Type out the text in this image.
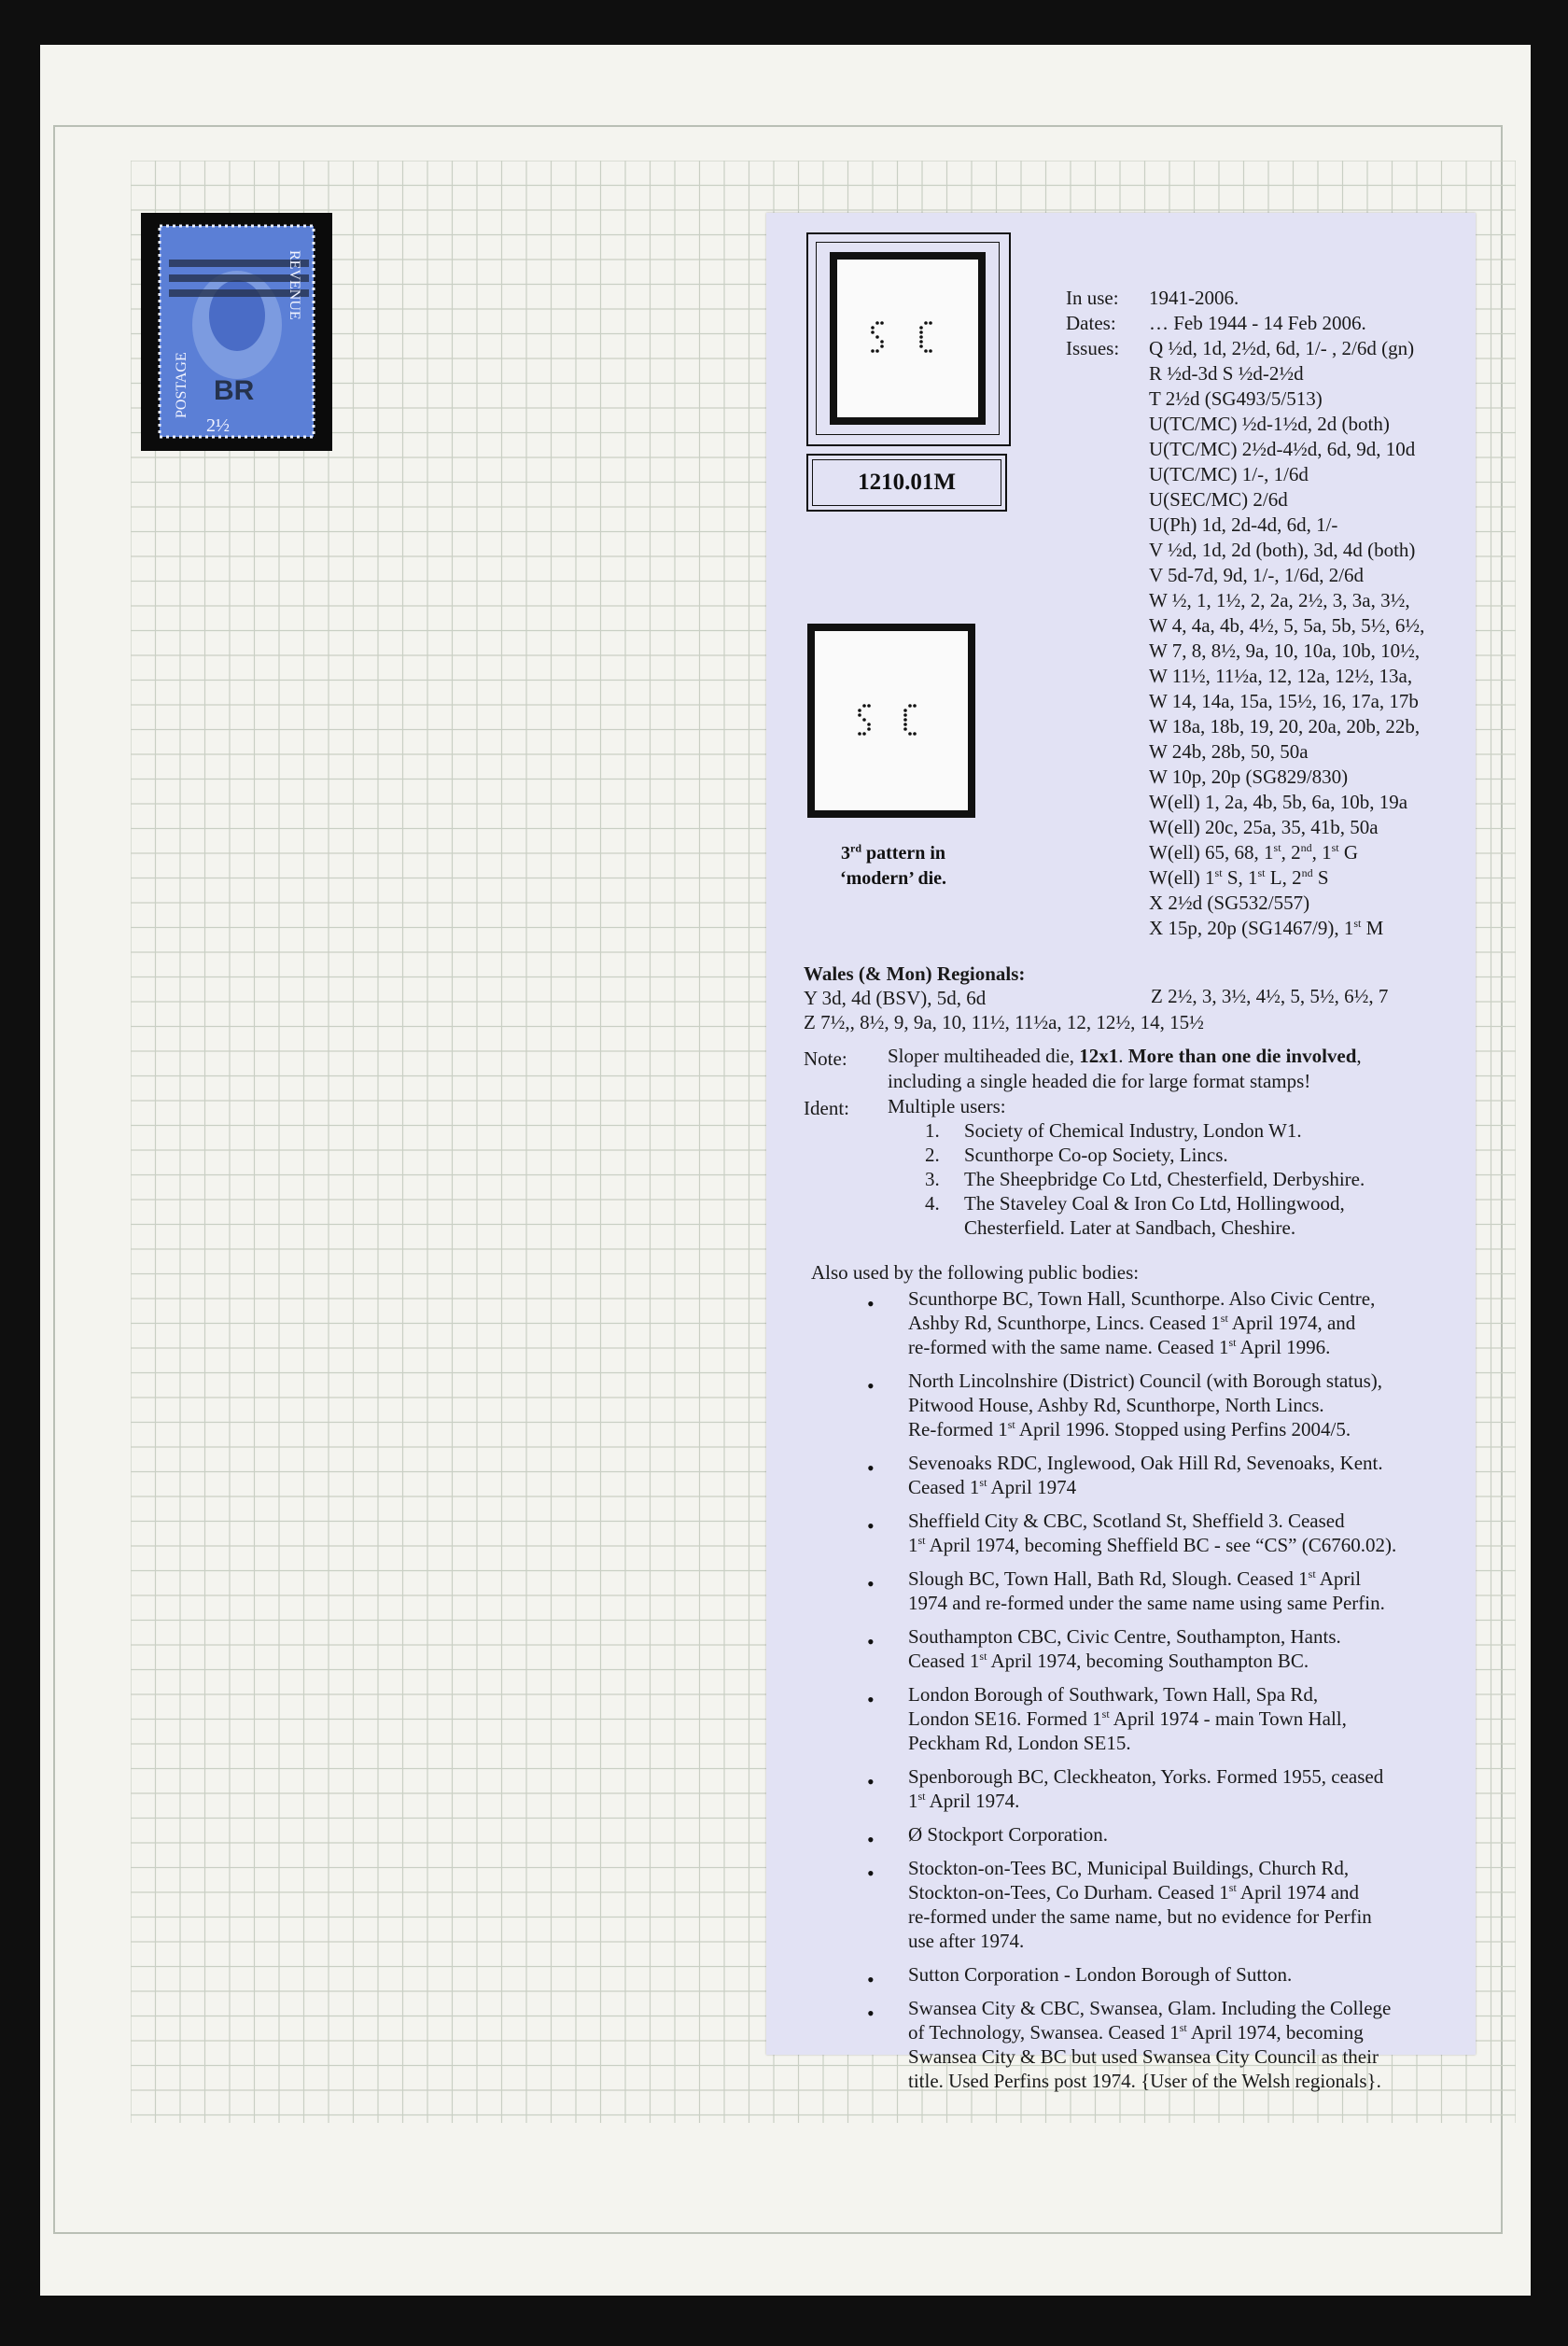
POSTAGE
REVENUE
BR
2½
1210.01M
3rd pattern in
‘modern’ die.
In use: 1941-2006.
Dates: … Feb 1944 - 14 Feb 2006.
Issues: Q ½d, 1d, 2½d, 6d, 1/- , 2/6d (gn)
R ½d-3d S ½d-2½d
T 2½d (SG493/5/513)
U(TC/MC) ½d-1½d, 2d (both)
U(TC/MC) 2½d-4½d, 6d, 9d, 10d
U(TC/MC) 1/-, 1/6d
U(SEC/MC) 2/6d
U(Ph) 1d, 2d-4d, 6d, 1/-
V ½d, 1d, 2d (both), 3d, 4d (both)
V 5d-7d, 9d, 1/-, 1/6d, 2/6d
W ½, 1, 1½, 2, 2a, 2½, 3, 3a, 3½,
W 4, 4a, 4b, 4½, 5, 5a, 5b, 5½, 6½,
W 7, 8, 8½, 9a, 10, 10a, 10b, 10½,
W 11½, 11½a, 12, 12a, 12½, 13a,
W 14, 14a, 15a, 15½, 16, 17a, 17b
W 18a, 18b, 19, 20, 20a, 20b, 22b,
W 24b, 28b, 50, 50a
W 10p, 20p (SG829/830)
W(ell) 1, 2a, 4b, 5b, 6a, 10b, 19a
W(ell) 20c, 25a, 35, 41b, 50a
W(ell) 65, 68, 1st, 2nd, 1st G
W(ell) 1st S, 1st L, 2nd S
X 2½d (SG532/557)
X 15p, 20p (SG1467/9), 1st M
Wales (& Mon) Regionals:
Y 3d, 4d (BSV), 5d, 6d	Z 2½, 3, 3½, 4½, 5, 5½, 6½, 7
Z 7½,, 8½, 9, 9a, 10, 11½, 11½a, 12, 12½, 14, 15½
Note: Sloper multiheaded die, 12x1. More than one die involved,
including a single headed die for large format stamps!
Ident: Multiple users:
1. Society of Chemical Industry, London W1.
2. Scunthorpe Co-op Society, Lincs.
3. The Sheepbridge Co Ltd, Chesterfield, Derbyshire.
4. The Staveley Coal & Iron Co Ltd, Hollingwood,
Chesterfield. Later at Sandbach, Cheshire.
Also used by the following public bodies:
• Scunthorpe BC, Town Hall, Scunthorpe. Also Civic Centre,
Ashby Rd, Scunthorpe, Lincs. Ceased 1st April 1974, and
re-formed with the same name. Ceased 1st April 1996.
• North Lincolnshire (District) Council (with Borough status),
Pitwood House, Ashby Rd, Scunthorpe, North Lincs.
Re-formed 1st April 1996. Stopped using Perfins 2004/5.
• Sevenoaks RDC, Inglewood, Oak Hill Rd, Sevenoaks, Kent.
Ceased 1st April 1974
• Sheffield City & CBC, Scotland St, Sheffield 3. Ceased
1st April 1974, becoming Sheffield BC - see “CS” (C6760.02).
• Slough BC, Town Hall, Bath Rd, Slough. Ceased 1st April
1974 and re-formed under the same name using same Perfin.
• Southampton CBC, Civic Centre, Southampton, Hants.
Ceased 1st April 1974, becoming Southampton BC.
• London Borough of Southwark, Town Hall, Spa Rd,
London SE16. Formed 1st April 1974 - main Town Hall,
Peckham Rd, London SE15.
• Spenborough BC, Cleckheaton, Yorks. Formed 1955, ceased
1st April 1974.
• Ø Stockport Corporation.
• Stockton-on-Tees BC, Municipal Buildings, Church Rd,
Stockton-on-Tees, Co Durham. Ceased 1st April 1974 and
re-formed under the same name, but no evidence for Perfin
use after 1974.
• Sutton Corporation - London Borough of Sutton.
• Swansea City & CBC, Swansea, Glam. Including the College
of Technology, Swansea. Ceased 1st April 1974, becoming
Swansea City & BC but used Swansea City Council as their
title. Used Perfins post 1974. {User of the Welsh regionals}.
